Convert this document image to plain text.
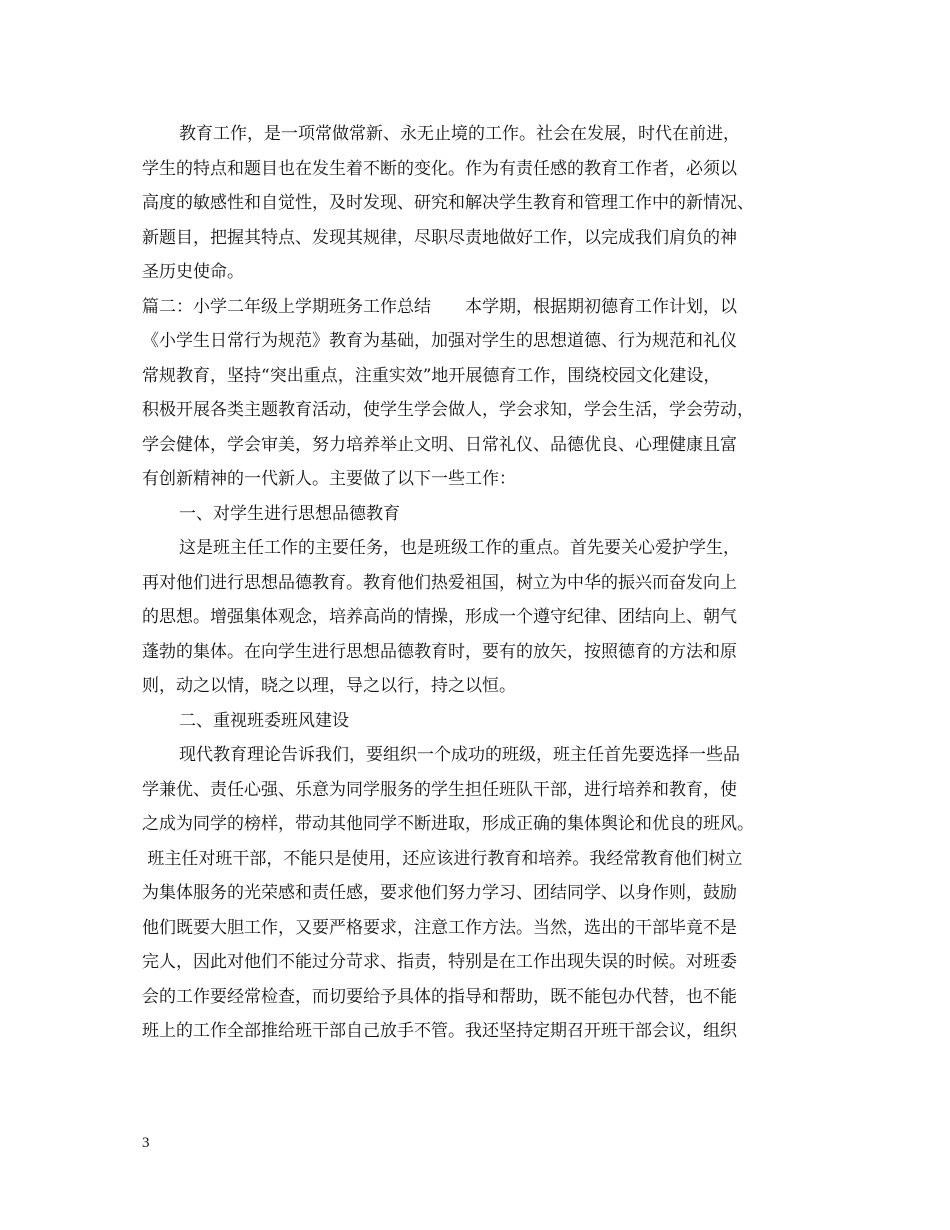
教育工作，是一项常做常新、永无止境的工作。社会在发展，时代在前进，
学生的特点和题目也在发生着不断的变化。作为有责任感的教育工作者，必须以
高度的敏感性和自觉性，及时发现、研究和解决学生教育和管理工作中的新情况、
新题目，把握其特点、发现其规律，尽职尽责地做好工作，以完成我们肩负的神
圣历史使命。

篇二：小学二年级上学期班务工作总结　　本学期，根据期初德育工作计划，以
《小学生日常行为规范》教育为基础，加强对学生的思想道德、行为规范和礼仪
常规教育，坚持“突出重点，注重实效”地开展德育工作，围绕校园文化建设，
积极开展各类主题教育活动，使学生学会做人，学会求知，学会生活，学会劳动，
学会健体，学会审美，努力培养举止文明、日常礼仪、品德优良、心理健康且富
有创新精神的一代新人。主要做了以下一些工作：

一、对学生进行思想品德教育

这是班主任工作的主要任务，也是班级工作的重点。首先要关心爱护学生，
再对他们进行思想品德教育。教育他们热爱祖国，树立为中华的振兴而奋发向上
的思想。增强集体观念，培养高尚的情操，形成一个遵守纪律、团结向上、朝气
蓬勃的集体。在向学生进行思想品德教育时，要有的放矢，按照德育的方法和原
则，动之以情，晓之以理，导之以行，持之以恒。

二、重视班委班风建设

现代教育理论告诉我们，要组织一个成功的班级，班主任首先要选择一些品
学兼优、责任心强、乐意为同学服务的学生担任班队干部，进行培养和教育，使
之成为同学的榜样，带动其他同学不断进取，形成正确的集体舆论和优良的班风。
班主任对班干部，不能只是使用，还应该进行教育和培养。我经常教育他们树立
为集体服务的光荣感和责任感，要求他们努力学习、团结同学、以身作则，鼓励
他们既要大胆工作，又要严格要求，注意工作方法。当然，选出的干部毕竟不是
完人，因此对他们不能过分苛求、指责，特别是在工作出现失误的时候。对班委
会的工作要经常检查，而切要给予具体的指导和帮助，既不能包办代替，也不能
班上的工作全部推给班干部自己放手不管。我还坚持定期召开班干部会议，组织

3
